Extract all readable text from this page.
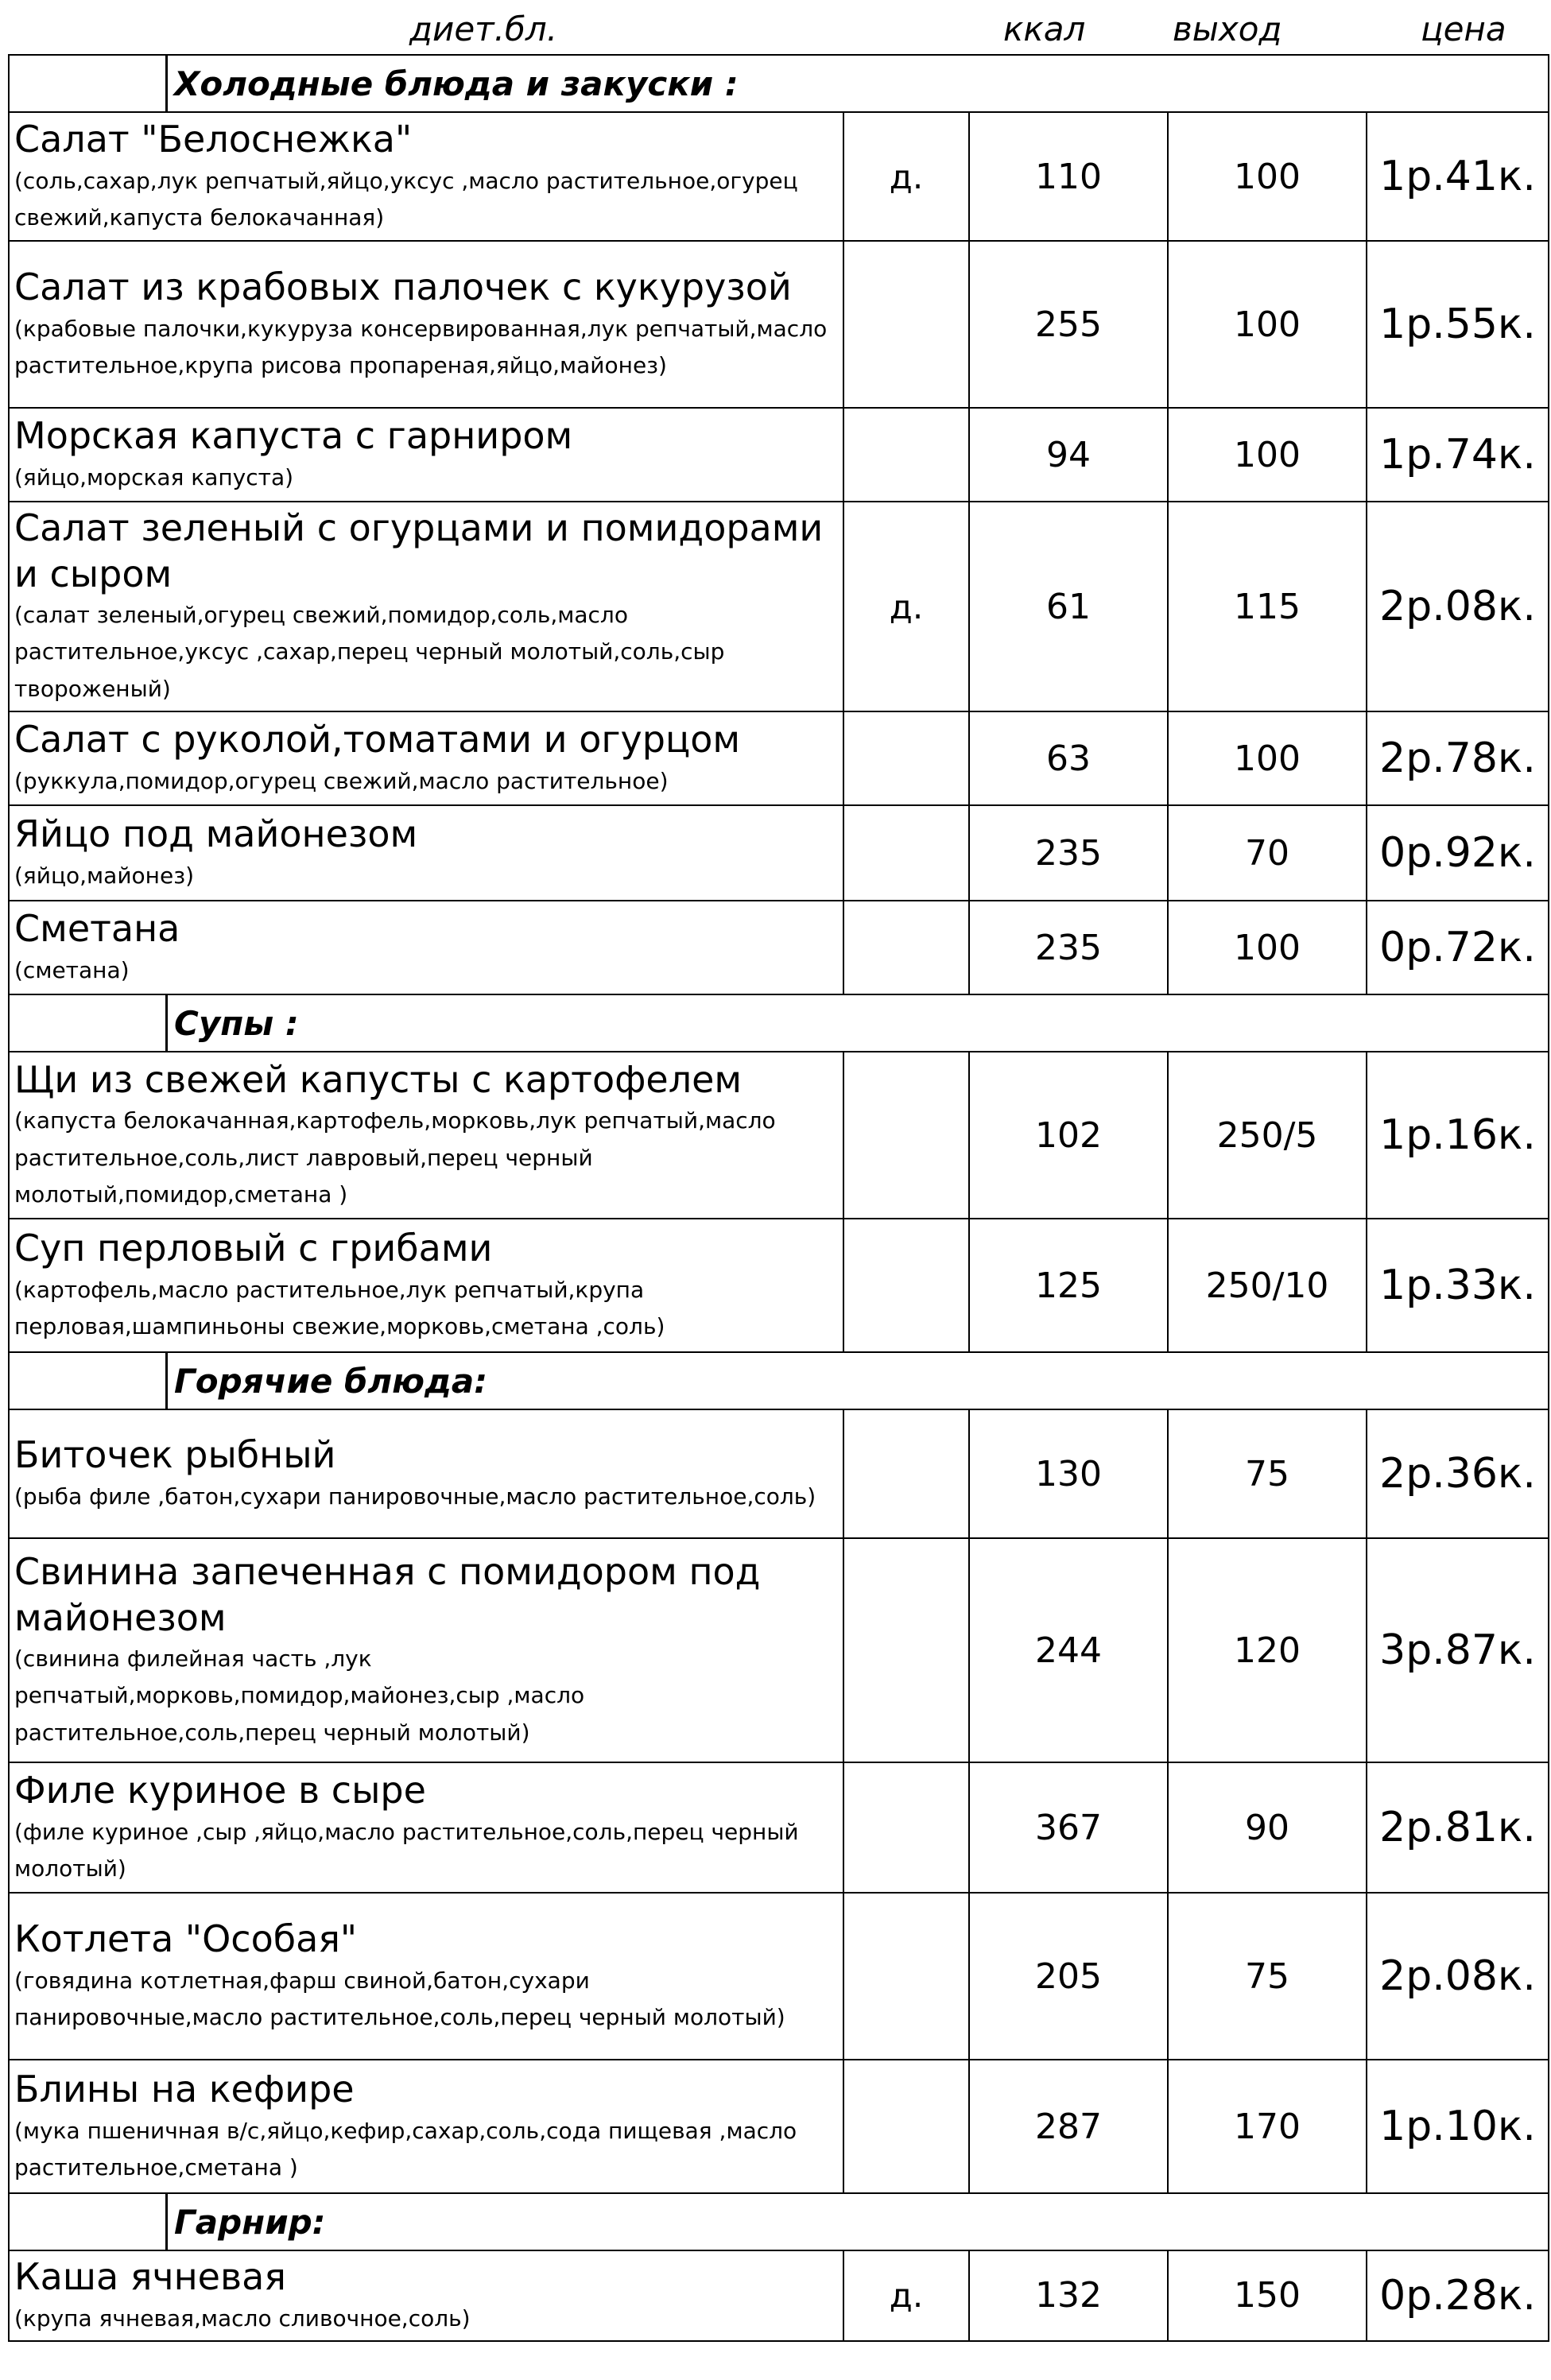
диет.бл.	ккал	выход	цена
Холодные блюда и закуски :				

Салат "Белоснежка"
(соль,сахар,лук репчатый,яйцо,уксус ,масло растительное,огурец свежий,капуста белокачанная)	д.	110	100	1р.41к.

Салат из крабовых палочек с кукурузой
(крабовые палочки,кукуруза консервированная,лук репчатый,масло растительное,крупа рисова пропареная,яйцо,майонез)		255	100	1р.55к.

Морская капуста с гарниром
(яйцо,морская капуста)		94	100	1р.74к.

Салат зеленый с огурцами и помидорами и сыром
(салат зеленый,огурец свежий,помидор,соль,масло растительное,уксус ,сахар,перец черный молотый,соль,сыр твороженый)	д.	61	115	2р.08к.

Салат с руколой,томатами и огурцом
(руккула,помидор,огурец свежий,масло растительное)		63	100	2р.78к.

Яйцо под майонезом
(яйцо,майонез)		235	70	0р.92к.

Сметана
(сметана)		235	100	0р.72к.

Супы :				

Щи из свежей капусты с картофелем
(капуста белокачанная,картофель,морковь,лук репчатый,масло растительное,соль,лист лавровый,перец черный молотый,помидор,сметана )		102	250/5	1р.16к.

Суп перловый с грибами
(картофель,масло растительное,лук репчатый,крупа перловая,шампиньоны свежие,морковь,сметана ,соль)		125	250/10	1р.33к.

Горячие блюда:				

Биточек рыбный
(рыба филе ,батон,сухари панировочные,масло растительное,соль)		130	75	2р.36к.

Свинина запеченная с помидором под майонезом
(свинина филейная часть ,лук репчатый,морковь,помидор,майонез,сыр ,масло растительное,соль,перец черный молотый)		244	120	3р.87к.

Филе куриное в сыре
(филе куриное ,сыр ,яйцо,масло растительное,соль,перец черный молотый)		367	90	2р.81к.

Котлета "Особая"
(говядина котлетная,фарш свиной,батон,сухари панировочные,масло растительное,соль,перец черный молотый)		205	75	2р.08к.

Блины на кефире
(мука пшеничная в/с,яйцо,кефир,сахар,соль,сода пищевая ,масло растительное,сметана )		287	170	1р.10к.

Гарнир:				

Каша ячневая
(крупа ячневая,масло сливочное,соль)	д.	132	150	0р.28к.
